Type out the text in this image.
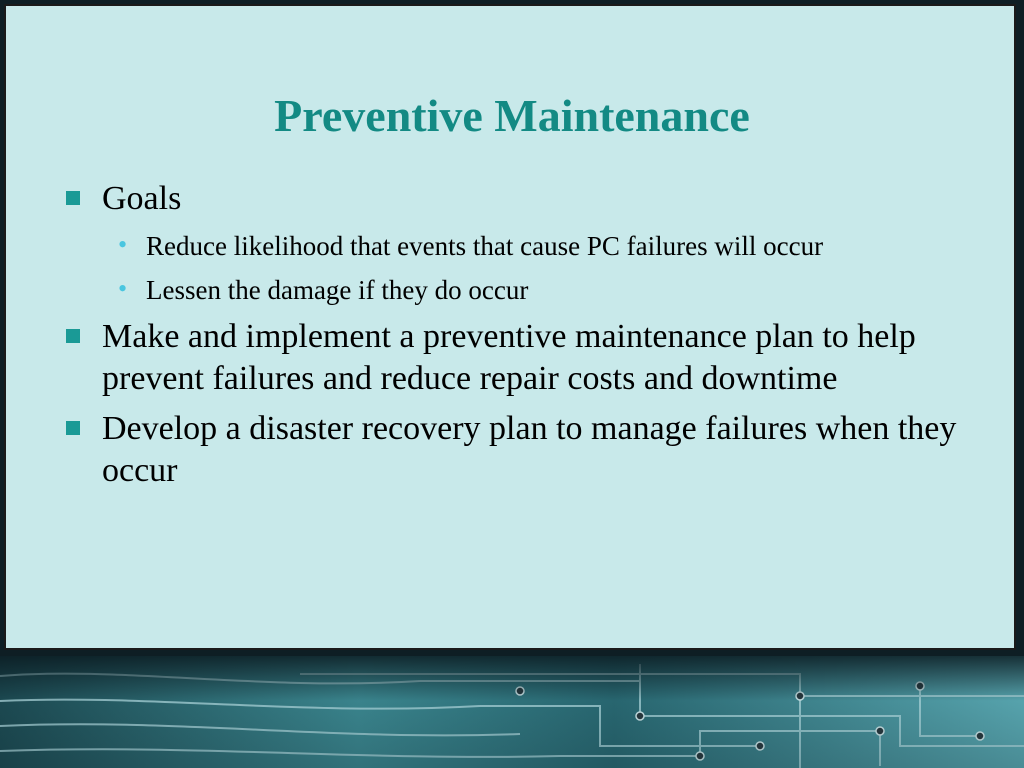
Preventive Maintenance
Goals
• Reduce likelihood that events that cause PC failures will occur
• Lessen the damage if they do occur
Make and implement a preventive maintenance plan to help prevent failures and reduce repair costs and downtime
Develop a disaster recovery plan to manage failures when they occur
